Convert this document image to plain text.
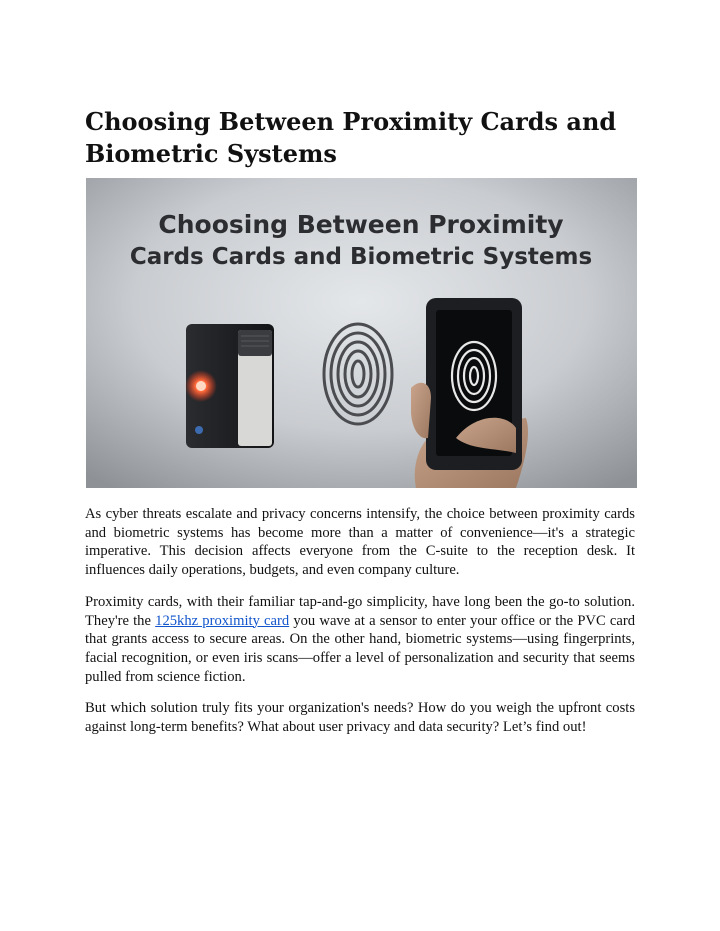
Choosing Between Proximity Cards and Biometric Systems
Choosing Between Proximity
Cards Cards and Biometric Systems

As cyber threats escalate and privacy concerns intensify, the choice between proximity cards and biometric systems has become more than a matter of convenience—it's a strategic imperative. This decision affects everyone from the C-suite to the reception desk. It influences daily operations, budgets, and even company culture.

Proximity cards, with their familiar tap-and-go simplicity, have long been the go-to solution. They're the 125khz proximity card you wave at a sensor to enter your office or the PVC card that grants access to secure areas. On the other hand, biometric systems—using fingerprints, facial recognition, or even iris scans—offer a level of personalization and security that seems pulled from science fiction.

But which solution truly fits your organization's needs? How do you weigh the upfront costs against long-term benefits? What about user privacy and data security? Let’s find out!
